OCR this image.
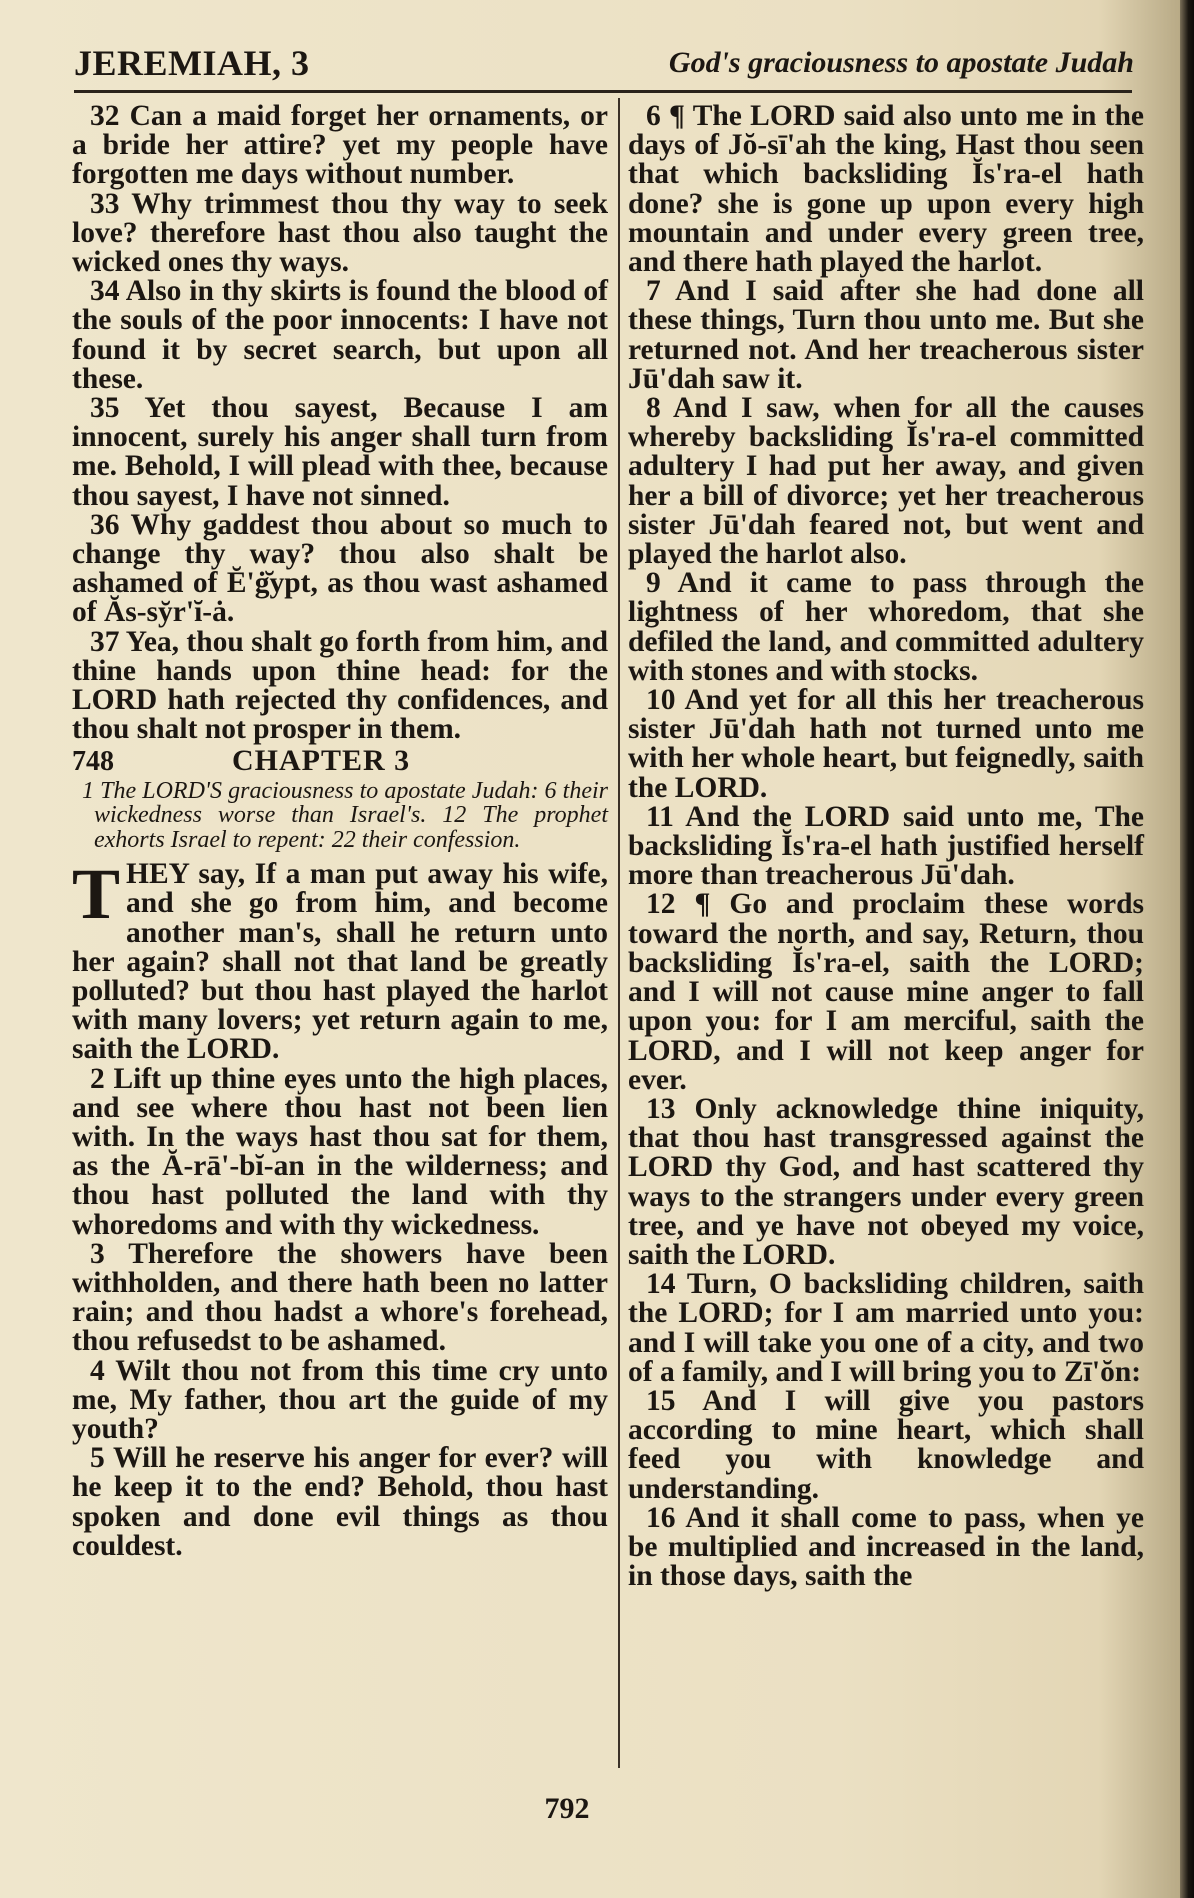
JEREMIAH, 3	God's graciousness to apostate Judah

32 Can a maid forget her ornaments, or a bride her attire? yet my people have forgotten me days without number.

33 Why trimmest thou thy way to seek love? therefore hast thou also taught the wicked ones thy ways.

34 Also in thy skirts is found the blood of the souls of the poor innocents: I have not found it by secret search, but upon all these.

35 Yet thou sayest, Because I am innocent, surely his anger shall turn from me. Behold, I will plead with thee, because thou sayest, I have not sinned.

36 Why gaddest thou about so much to change thy way? thou also shalt be ashamed of Ĕ'ġ̆ypt, as thou wast ashamed of Ăs-sy̆r'ĭ-ȧ.

37 Yea, thou shalt go forth from him, and thine hands upon thine head: for the LORD hath rejected thy confidences, and thou shalt not prosper in them.

748	CHAPTER 3

1 The LORD'S graciousness to apostate Judah: 6 their wickedness worse than Israel's. 12 The prophet exhorts Israel to repent: 22 their confession.

THEY say, If a man put away his wife, and she go from him, and become another man's, shall he return unto her again? shall not that land be greatly polluted? but thou hast played the harlot with many lovers; yet return again to me, saith the LORD.

2 Lift up thine eyes unto the high places, and see where thou hast not been lien with. In the ways hast thou sat for them, as the Ă-rā'-bĭ-an in the wilderness; and thou hast polluted the land with thy whoredoms and with thy wickedness.

3 Therefore the showers have been withholden, and there hath been no latter rain; and thou hadst a whore's forehead, thou refusedst to be ashamed.

4 Wilt thou not from this time cry unto me, My father, thou art the guide of my youth?

5 Will he reserve his anger for ever? will he keep it to the end? Behold, thou hast spoken and done evil things as thou couldest.

6 ¶ The LORD said also unto me in the days of Jŏ-sī'ah the king, Hast thou seen that which backsliding Ĭs'ra-el hath done? she is gone up upon every high mountain and under every green tree, and there hath played the harlot.

7 And I said after she had done all these things, Turn thou unto me. But she returned not. And her treacherous sister Jū'dah saw it.

8 And I saw, when for all the causes whereby backsliding Ĭs'ra-el committed adultery I had put her away, and given her a bill of divorce; yet her treacherous sister Jū'dah feared not, but went and played the harlot also.

9 And it came to pass through the lightness of her whoredom, that she defiled the land, and committed adultery with stones and with stocks.

10 And yet for all this her treacherous sister Jū'dah hath not turned unto me with her whole heart, but feignedly, saith the LORD.

11 And the LORD said unto me, The backsliding Ĭs'ra-el hath justified herself more than treacherous Jū'dah.

12 ¶ Go and proclaim these words toward the north, and say, Return, thou backsliding Ĭs'ra-el, saith the LORD; and I will not cause mine anger to fall upon you: for I am merciful, saith the LORD, and I will not keep anger for ever.

13 Only acknowledge thine iniquity, that thou hast transgressed against the LORD thy God, and hast scattered thy ways to the strangers under every green tree, and ye have not obeyed my voice, saith the LORD.

14 Turn, O backsliding children, saith the LORD; for I am married unto you: and I will take you one of a city, and two of a family, and I will bring you to Zī'ŏn:

15 And I will give you pastors according to mine heart, which shall feed you with knowledge and understanding.

16 And it shall come to pass, when ye be multiplied and increased in the land, in those days, saith the

792
